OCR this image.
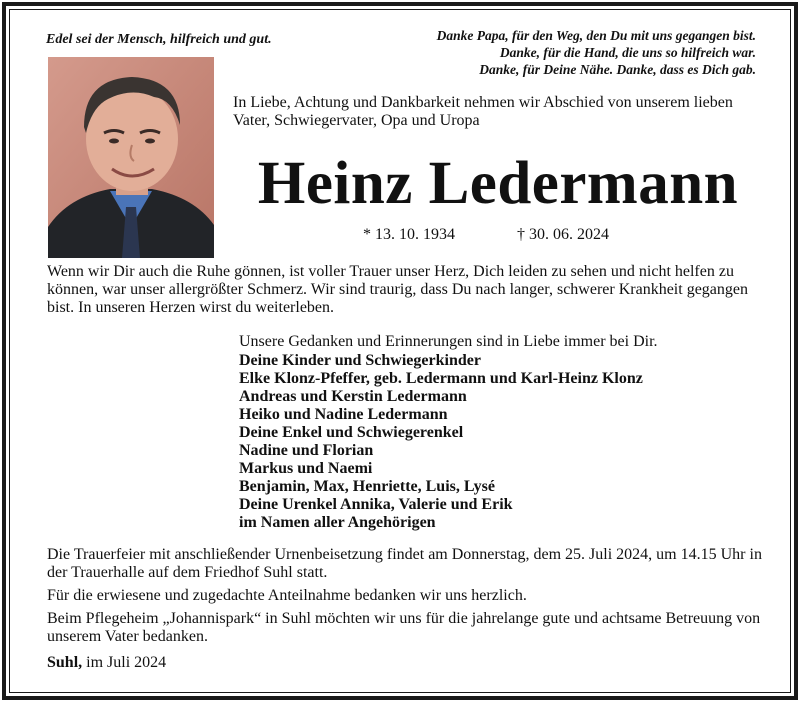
Edel sei der Mensch, hilfreich und gut.	Danke Papa, für den Weg, den Du mit uns gegangen bist.
Danke, für die Hand, die uns so hilfreich war.
Danke, für Deine Nähe. Danke, dass es Dich gab.
In Liebe, Achtung und Dankbarkeit nehmen wir Abschied von unserem lieben Vater, Schwiegervater, Opa und Uropa
Heinz Ledermann
* 13. 10. 1934	† 30. 06. 2024
Wenn wir Dir auch die Ruhe gönnen, ist voller Trauer unser Herz, Dich leiden zu sehen und nicht helfen zu können, war unser allergrößter Schmerz. Wir sind traurig, dass Du nach langer, schwerer Krankheit gegangen bist. In unseren Herzen wirst du weiterleben.
Unsere Gedanken und Erinnerungen sind in Liebe immer bei Dir.
Deine Kinder und Schwiegerkinder
Elke Klonz-Pfeffer, geb. Ledermann und Karl-Heinz Klonz
Andreas und Kerstin Ledermann
Heiko und Nadine Ledermann
Deine Enkel und Schwiegerenkel
Nadine und Florian
Markus und Naemi
Benjamin, Max, Henriette, Luis, Lysé
Deine Urenkel Annika, Valerie und Erik
im Namen aller Angehörigen
Die Trauerfeier mit anschließender Urnenbeisetzung findet am Donnerstag, dem 25. Juli 2024, um 14.15 Uhr in der Trauerhalle auf dem Friedhof Suhl statt.
Für die erwiesene und zugedachte Anteilnahme bedanken wir uns herzlich.
Beim Pflegeheim „Johannispark“ in Suhl möchten wir uns für die jahrelange gute und achtsame Betreuung von unserem Vater bedanken.
Suhl, im Juli 2024
